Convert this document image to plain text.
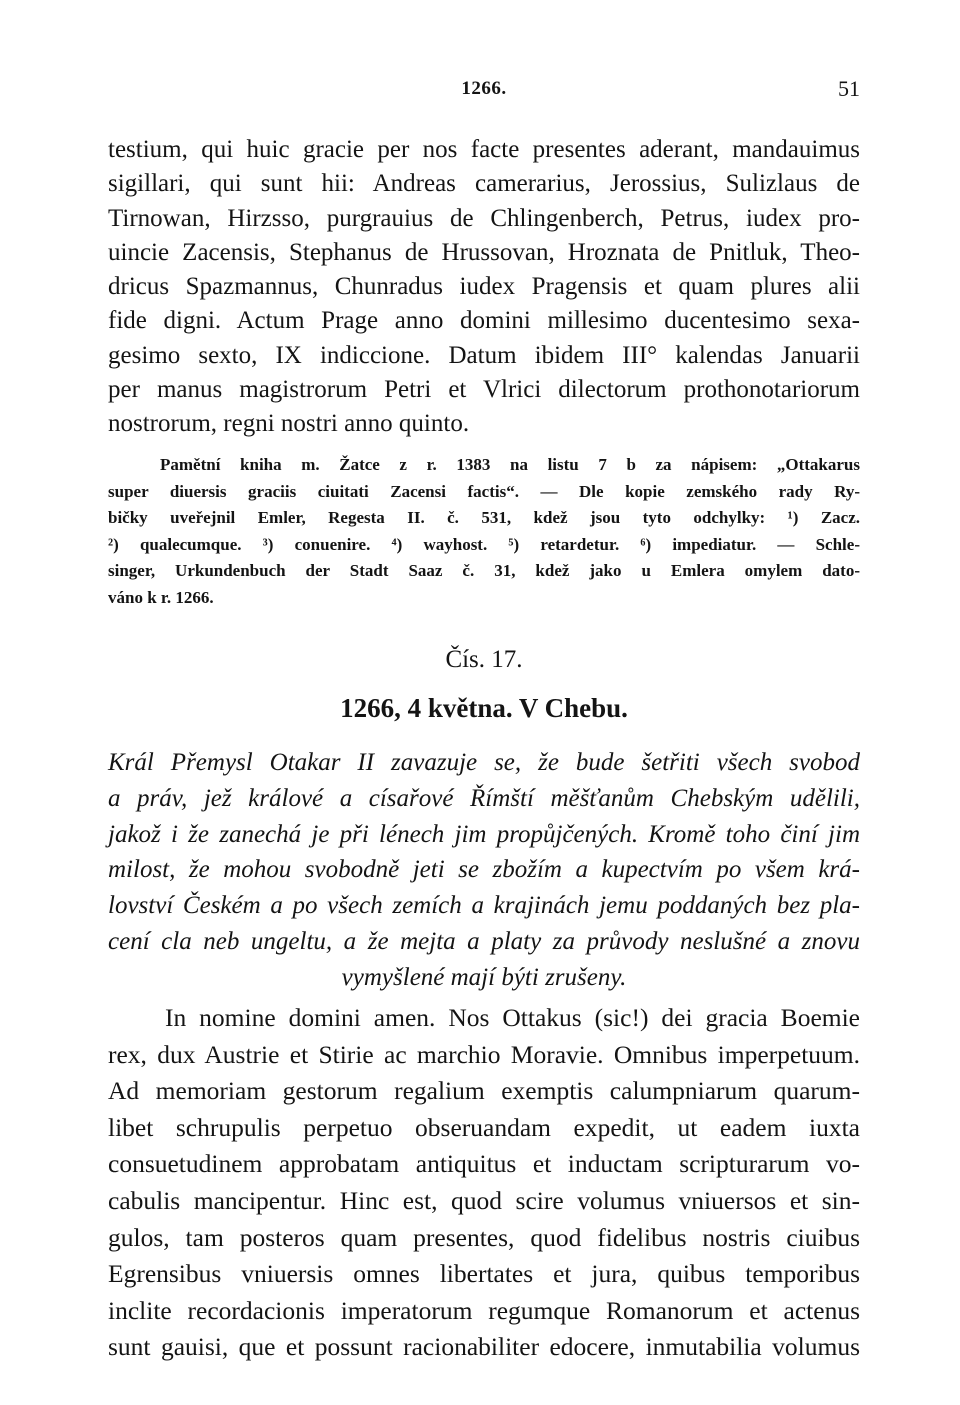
1266.	51
testium, qui huic gracie per nos facte presentes aderant, mandauimus
sigillari, qui sunt hii: Andreas camerarius, Jerossius, Sulizlaus de
Tirnowan, Hirzsso, purgrauius de Chlingenberch, Petrus, iudex pro-
uincie Zacensis, Stephanus de Hrussovan, Hroznata de Pnitluk, Theo-
dricus Spazmannus, Chunradus iudex Pragensis et quam plures alii
fide digni. Actum Prage anno domini millesimo ducentesimo sexa-
gesimo sexto, IX indiccione. Datum ibidem III° kalendas Januarii
per manus magistrorum Petri et Vlrici dilectorum prothonotariorum
nostrorum, regni nostri anno quinto.
Pamětní kniha m. Žatce z r. 1383 na listu 7 b za nápisem: „Ottakarus
super diuersis graciis ciuitati Zacensi factis“. — Dle kopie zemského rady Ry-
bičky uveřejnil Emler, Regesta II. č. 531, kdež jsou tyto odchylky: ¹) Zacz.
²) qualecumque. ³) conuenire. ⁴) wayhost. ⁵) retardetur. ⁶) impediatur. — Schle-
singer, Urkundenbuch der Stadt Saaz č. 31, kdež jako u Emlera omylem dato-
váno k r. 1266.
Čís. 17.
1266, 4 května. V Chebu.
Král Přemysl Otakar II zavazuje se, že bude šetřiti všech svobod
a práv, jež králové a císařové Římští měšťanům Chebským udělili,
jakož i že zanechá je při lénech jim propůjčených. Kromě toho činí jim
milost, že mohou svobodně jeti se zbožím a kupectvím po všem krá-
lovství Českém a po všech zemích a krajinách jemu poddaných bez pla-
cení cla neb ungeltu, a že mejta a platy za průvody neslušné a znovu
vymyšlené mají býti zrušeny.
In nomine domini amen. Nos Ottakus (sic!) dei gracia Boemie
rex, dux Austrie et Stirie ac marchio Moravie. Omnibus imperpetuum.
Ad memoriam gestorum regalium exemptis calumpniarum quarum-
libet schrupulis perpetuo obseruandam expedit, ut eadem iuxta
consuetudinem approbatam antiquitus et inductam scripturarum vo-
cabulis mancipentur. Hinc est, quod scire volumus vniuersos et sin-
gulos, tam posteros quam presentes, quod fidelibus nostris ciuibus
Egrensibus vniuersis omnes libertates et jura, quibus temporibus
inclite recordacionis imperatorum regumque Romanorum et actenus
sunt gauisi, que et possunt racionabiliter edocere, inmutabilia volumus
